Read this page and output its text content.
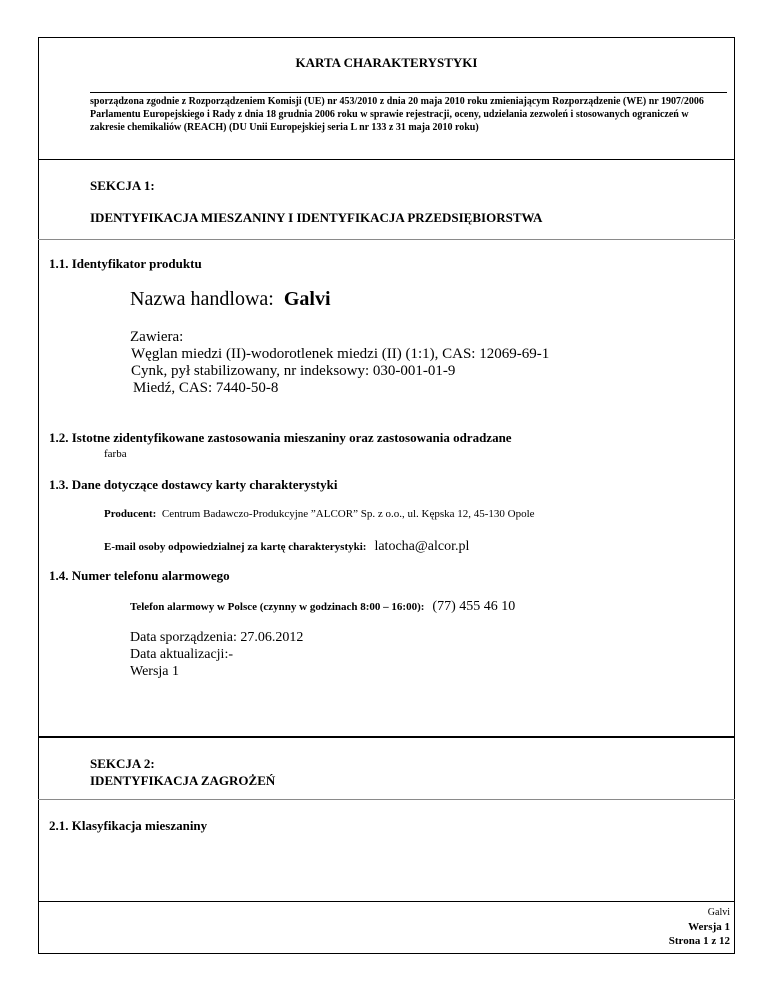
KARTA CHARAKTERYSTYKI
sporządzona zgodnie z Rozporządzeniem Komisji (UE) nr 453/2010 z dnia 20 maja 2010 roku zmieniającym Rozporządzenie (WE) nr 1907/2006 Parlamentu Europejskiego i Rady z dnia 18 grudnia 2006 roku w sprawie rejestracji, oceny, udzielania zezwoleń i stosowanych ograniczeń w zakresie chemikaliów (REACH) (DU Unii Europejskiej seria L nr 133 z 31 maja 2010 roku)
SEKCJA 1:
IDENTYFIKACJA MIESZANINY I IDENTYFIKACJA PRZEDSIĘBIORSTWA
1.1. Identyfikator produktu
Nazwa handlowa: Galvi
Zawiera:
Węglan miedzi (II)-wodorotlenek miedzi (II) (1:1), CAS: 12069-69-1
Cynk, pył stabilizowany, nr indeksowy: 030-001-01-9
Miedź, CAS: 7440-50-8
1.2. Istotne zidentyfikowane zastosowania mieszaniny oraz zastosowania odradzane
farba
1.3. Dane dotyczące dostawcy karty charakterystyki
Producent: Centrum Badawczo-Produkcyjne ”ALCOR” Sp. z o.o., ul. Kępska 12, 45-130 Opole
E-mail osoby odpowiedzialnej za kartę charakterystyki: latocha@alcor.pl
1.4. Numer telefonu alarmowego
Telefon alarmowy w Polsce (czynny w godzinach 8:00 – 16:00): (77) 455 46 10
Data sporządzenia: 27.06.2012
Data aktualizacji:-
Wersja 1
SEKCJA 2:
IDENTYFIKACJA ZAGROŻEŃ
2.1. Klasyfikacja mieszaniny
Galvi
Wersja 1
Strona 1 z 12
